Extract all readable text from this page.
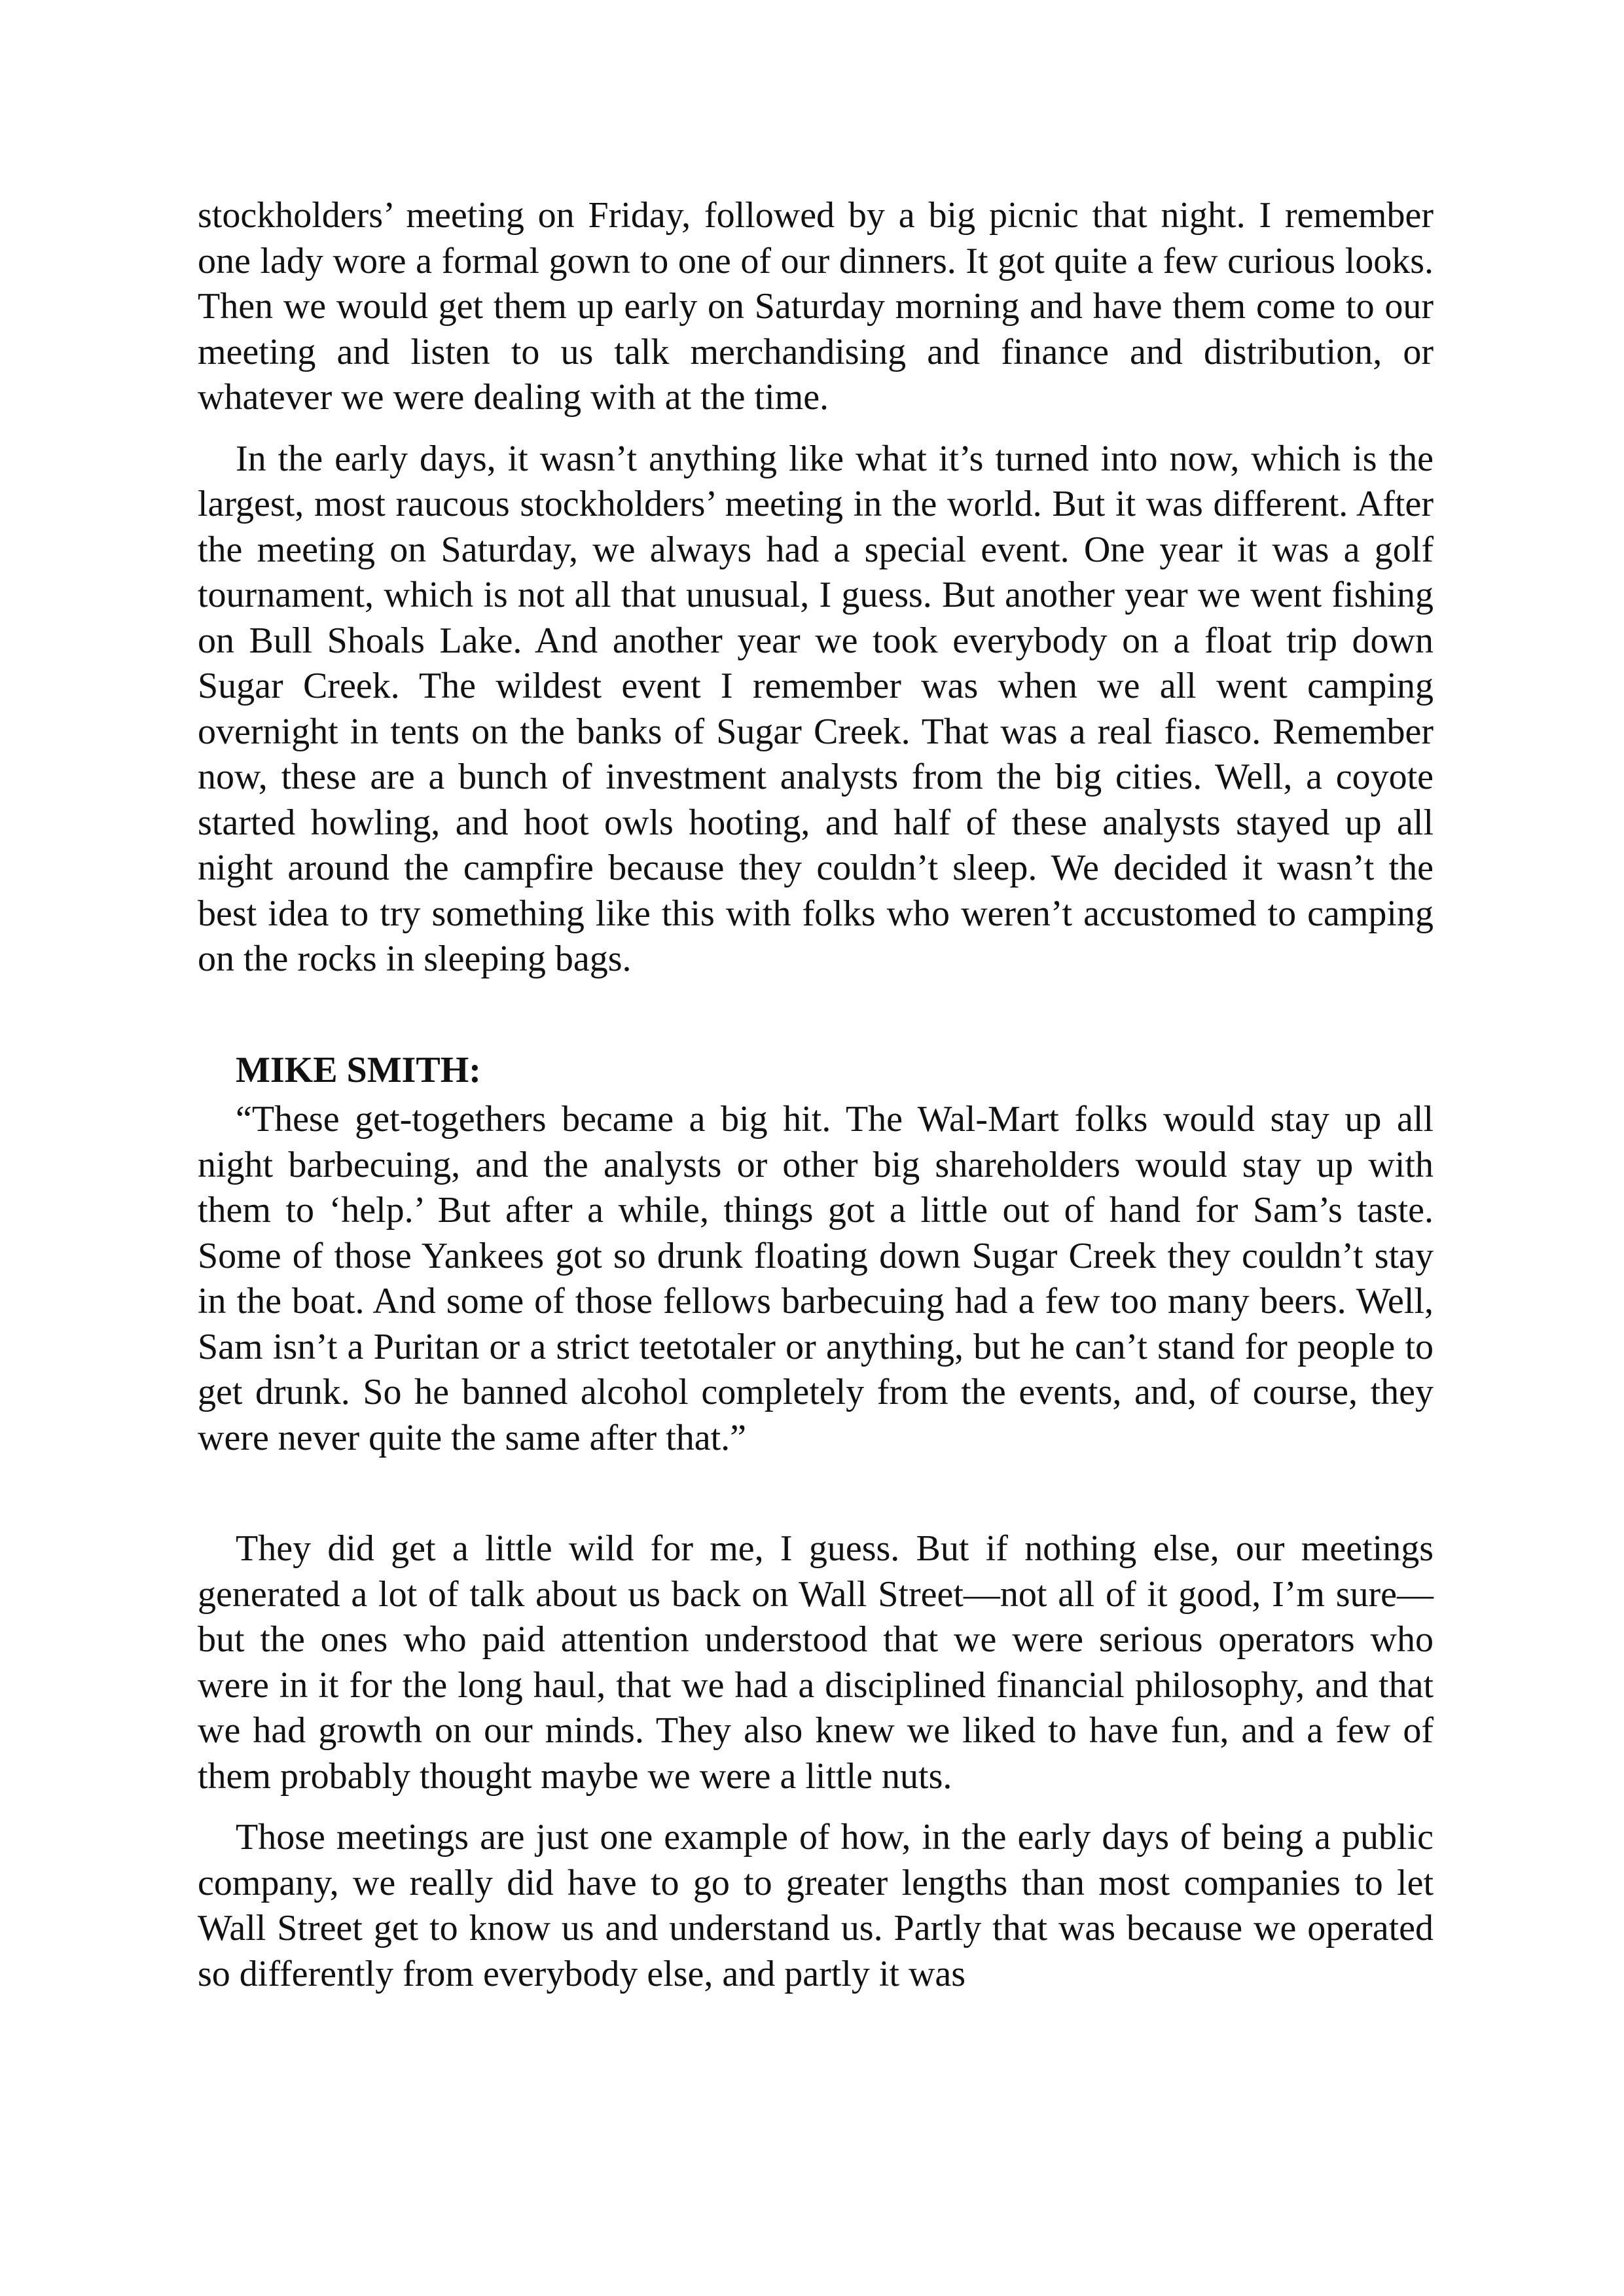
stockholders’ meeting on Friday, followed by a big picnic that night. I remember one lady wore a formal gown to one of our dinners. It got quite a few curious looks. Then we would get them up early on Saturday morning and have them come to our meeting and listen to us talk merchandising and finance and distribution, or whatever we were dealing with at the time.

In the early days, it wasn’t anything like what it’s turned into now, which is the largest, most raucous stockholders’ meeting in the world. But it was different. After the meeting on Saturday, we always had a special event. One year it was a golf tournament, which is not all that unusual, I guess. But another year we went fishing on Bull Shoals Lake. And another year we took everybody on a float trip down Sugar Creek. The wildest event I remember was when we all went camping overnight in tents on the banks of Sugar Creek. That was a real fiasco. Remember now, these are a bunch of investment analysts from the big cities. Well, a coyote started howling, and hoot owls hooting, and half of these analysts stayed up all night around the campfire because they couldn’t sleep. We decided it wasn’t the best idea to try something like this with folks who weren’t accustomed to camping on the rocks in sleeping bags.

MIKE SMITH:

“These get-togethers became a big hit. The Wal-Mart folks would stay up all night barbecuing, and the analysts or other big shareholders would stay up with them to ‘help.’ But after a while, things got a little out of hand for Sam’s taste. Some of those Yankees got so drunk floating down Sugar Creek they couldn’t stay in the boat. And some of those fellows barbecuing had a few too many beers. Well, Sam isn’t a Puritan or a strict teetotaler or anything, but he can’t stand for people to get drunk. So he banned alcohol completely from the events, and, of course, they were never quite the same after that.”

They did get a little wild for me, I guess. But if nothing else, our meetings generated a lot of talk about us back on Wall Street—not all of it good, I’m sure—but the ones who paid attention understood that we were serious operators who were in it for the long haul, that we had a disciplined financial philosophy, and that we had growth on our minds. They also knew we liked to have fun, and a few of them probably thought maybe we were a little nuts.

Those meetings are just one example of how, in the early days of being a public company, we really did have to go to greater lengths than most companies to let Wall Street get to know us and understand us. Partly that was because we operated so differently from everybody else, and partly it was
